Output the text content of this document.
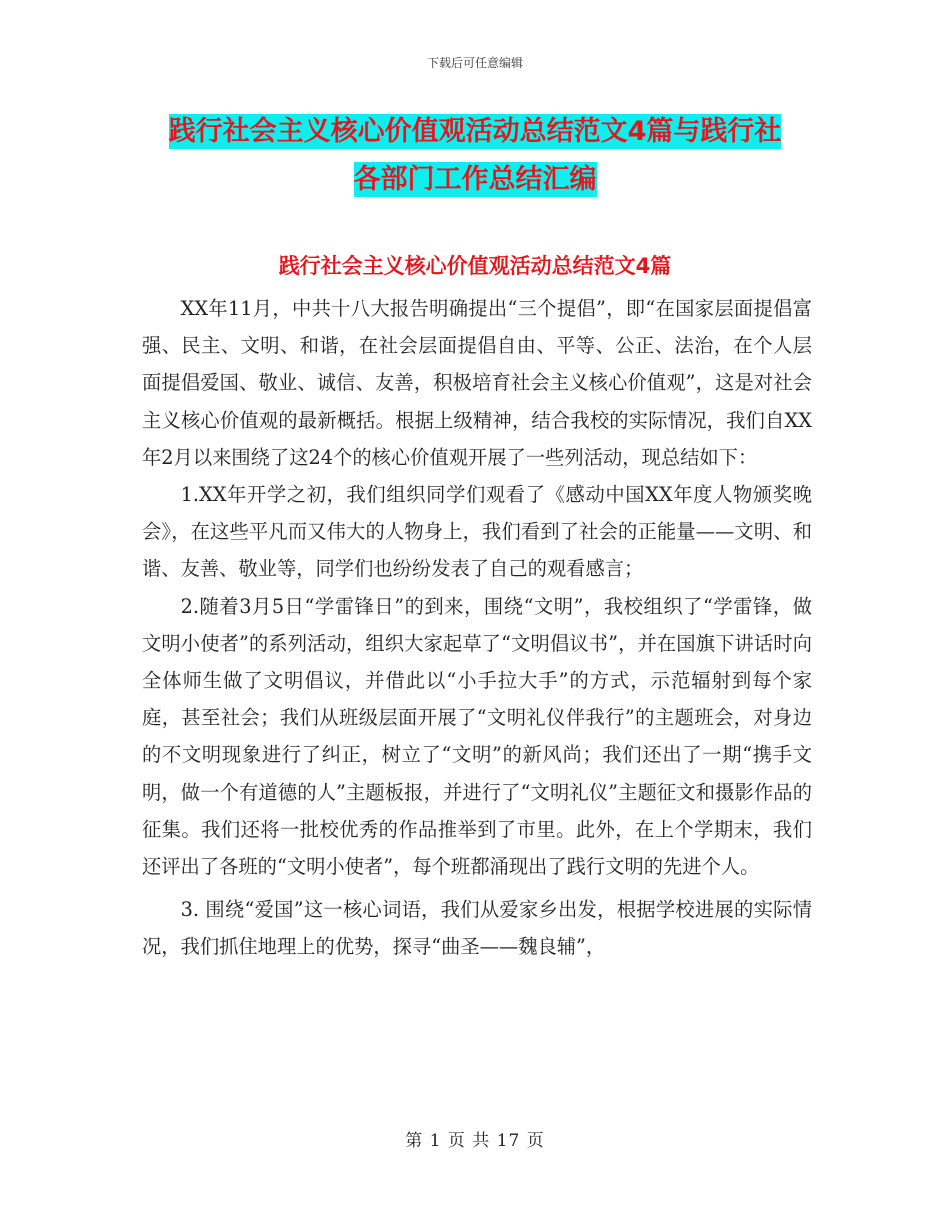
下载后可任意编辑
践行社会主义核心价值观活动总结范文4篇与践行社
各部门工作总结汇编
践行社会主义核心价值观活动总结范文4篇

XX年11月，中共十八大报告明确提出“三个提倡”，即“在国家层面提倡富强、民主、文明、和谐，在社会层面提倡自由、平等、公正、法治，在个人层面提倡爱国、敬业、诚信、友善，积极培育社会主义核心价值观”，这是对社会主义核心价值观的最新概括。根据上级精神，结合我校的实际情况，我们自XX年2月以来围绕了这24个的核心价值观开展了一些列活动，现总结如下：

1.XX年开学之初，我们组织同学们观看了《感动中国XX年度人物颁奖晚会》，在这些平凡而又伟大的人物身上，我们看到了社会的正能量——文明、和谐、友善、敬业等，同学们也纷纷发表了自己的观看感言；

2.随着3月5日“学雷锋日”的到来，围绕“文明”，我校组织了“学雷锋，做文明小使者”的系列活动，组织大家起草了“文明倡议书”，并在国旗下讲话时向全体师生做了文明倡议，并借此以“小手拉大手”的方式，示范辐射到每个家庭，甚至社会；我们从班级层面开展了“文明礼仪伴我行”的主题班会，对身边的不文明现象进行了纠正，树立了“文明”的新风尚；我们还出了一期“携手文明，做一个有道德的人”主题板报，并进行了“文明礼仪”主题征文和摄影作品的征集。我们还将一批校优秀的作品推举到了市里。此外，在上个学期末，我们还评出了各班的“文明小使者”，每个班都涌现出了践行文明的先进个人。

3. 围绕“爱国”这一核心词语，我们从爱家乡出发，根据学校进展的实际情况，我们抓住地理上的优势，探寻“曲圣——魏良辅”，

第 1 页 共 17 页
